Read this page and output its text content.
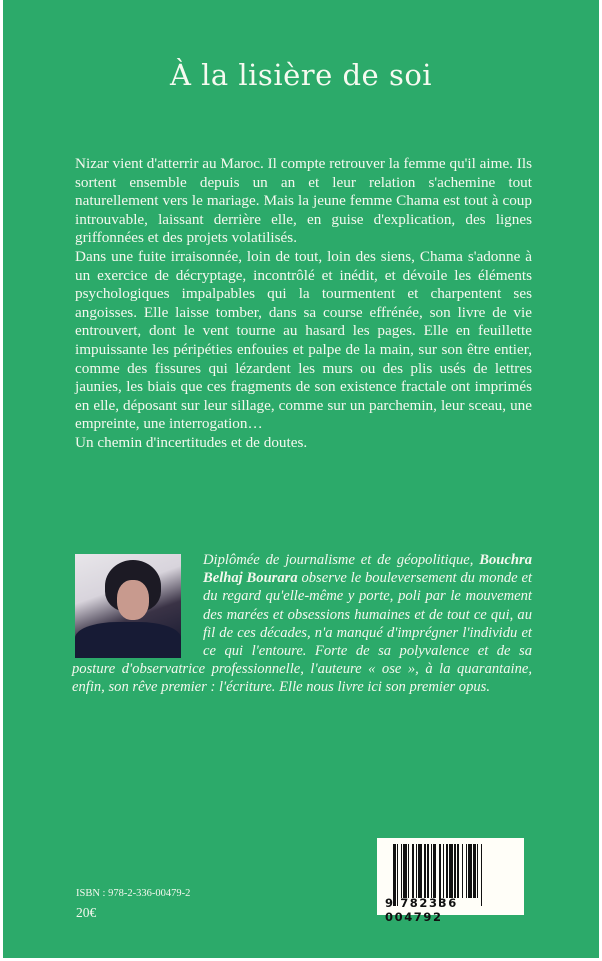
À la lisière de soi

Nizar vient d'atterrir au Maroc. Il compte retrouver la femme qu'il aime. Ils sortent ensemble depuis un an et leur relation s'achemine tout naturellement vers le mariage. Mais la jeune femme Chama est tout à coup introuvable, laissant derrière elle, en guise d'explication, des lignes griffonnées et des projets volatilisés.

Dans une fuite irraisonnée, loin de tout, loin des siens, Chama s'adonne à un exercice de décryptage, incontrôlé et inédit, et dévoile les éléments psychologiques impalpables qui la tourmentent et charpentent ses angoisses. Elle laisse tomber, dans sa course effrénée, son livre de vie entrouvert, dont le vent tourne au hasard les pages. Elle en feuillette impuissante les péripéties enfouies et palpe de la main, sur son être entier, comme des fissures qui lézardent les murs ou des plis usés de lettres jaunies, les biais que ces fragments de son existence fractale ont imprimés en elle, déposant sur leur sillage, comme sur un parchemin, leur sceau, une empreinte, une interrogation…

Un chemin d'incertitudes et de doutes.

Diplômée de journalisme et de géopolitique, Bouchra Belhaj Bourara observe le bouleversement du monde et du regard qu'elle-même y porte, poli par le mouvement des marées et obsessions humaines et de tout ce qui, au fil de ces décades, n'a manqué d'imprégner l'individu et ce qui l'entoure. Forte de sa polyvalence et de sa posture d'observatrice professionnelle, l'auteure « ose », à la quarantaine, enfin, son rêve premier : l'écriture. Elle nous livre ici son premier opus.
ISBN : 978-2-336-00479-2
20€
9 782336 004792
